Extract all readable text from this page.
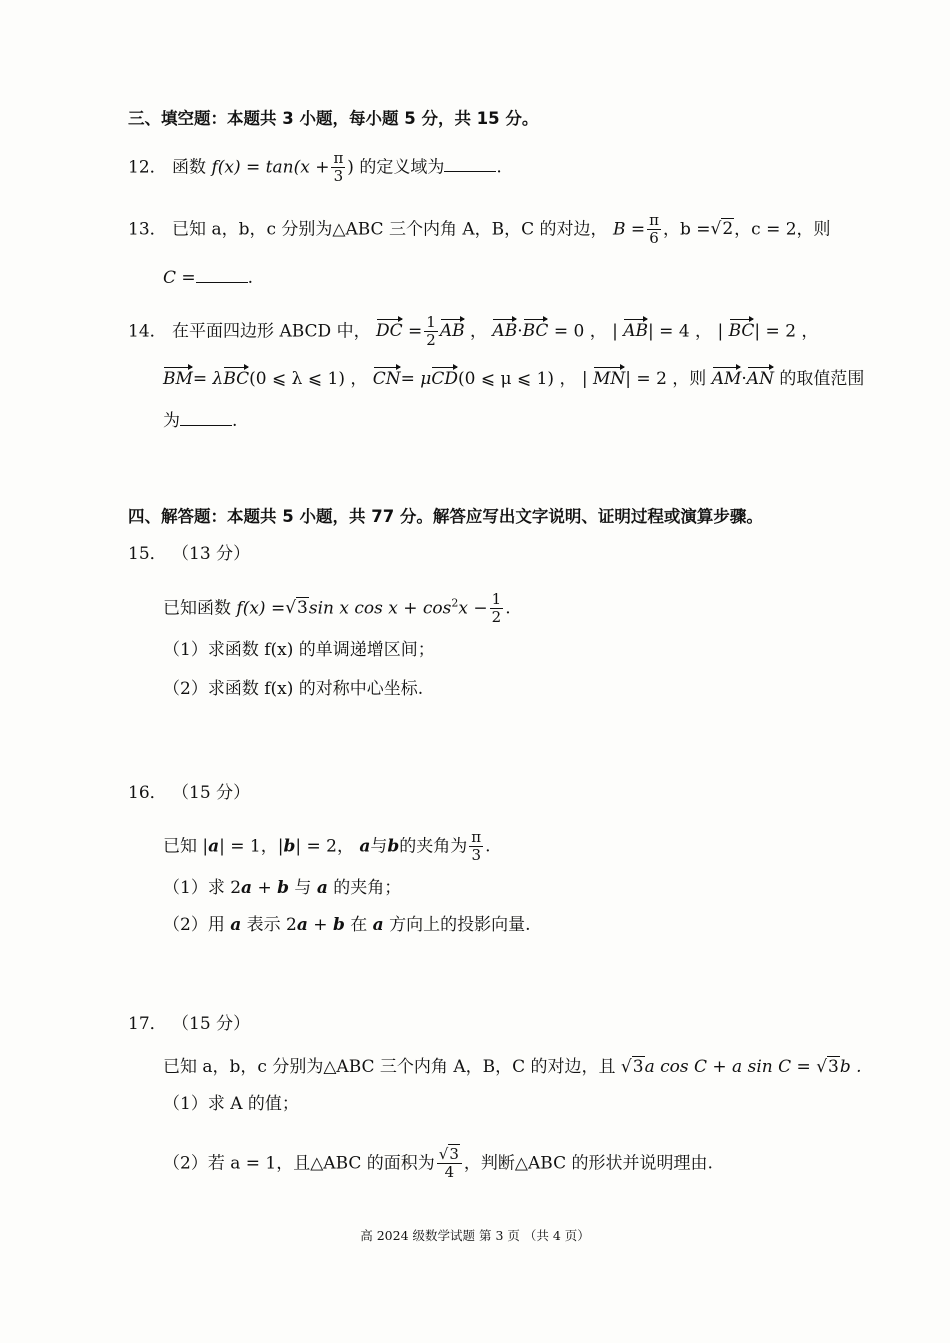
三、填空题：本题共 3 小题，每小题 5 分，共 15 分。
12． 函数 $f(x) = \tan(x + \frac{\pi}{3}$ ) 的定义域为	.
13． 已知 a，b，c 分别为△ABC 三个内角 A，B，C 的对边， $B = \frac{\pi}{6}$ ，b =√2，c = 2，则
C =	.
14． 在平面四边形 ABCD 中， DC = $\frac{1}{2}$ AB ， AB·BC = 0 ， | AB| = 4 ， | BC| = 2 ，
BM= λBC(0 ⩽ λ ⩽ 1) ， CN= μCD(0 ⩽ μ ⩽ 1) ， | MN| = 2 ，则 AM·AN 的取值范围
为	.
四、解答题：本题共 5 小题，共 77 分。解答应写出文字说明、证明过程或演算步骤。
15． （13 分）
已知函数 f(x) =√3sin x $\cos x + \cos^2x - \frac{1}{2}$ .
（1）求函数 f(x) 的单调递增区间；
（2）求函数 f(x) 的对称中心坐标.
16． （15 分）
已知 |a| = 1，|b| = 2， a与b的夹角为 $\frac{\pi}{3}$ .
（1）求 2a + b 与 a 的夹角；
（2）用 a 表示 2a + b 在 a 方向上的投影向量.
17． （15 分）
已知 a，b，c 分别为△ABC 三个内角 A，B，C 的对边，且 √3a cos C + a sin C = √3b .
（1）求 A 的值；
（2）若 a = 1，且△ABC 的面积为 $\frac{√3}{4}$ ，判断△ABC 的形状并说明理由.
高 2024 级数学试题 第 3 页 （共 4 页）
